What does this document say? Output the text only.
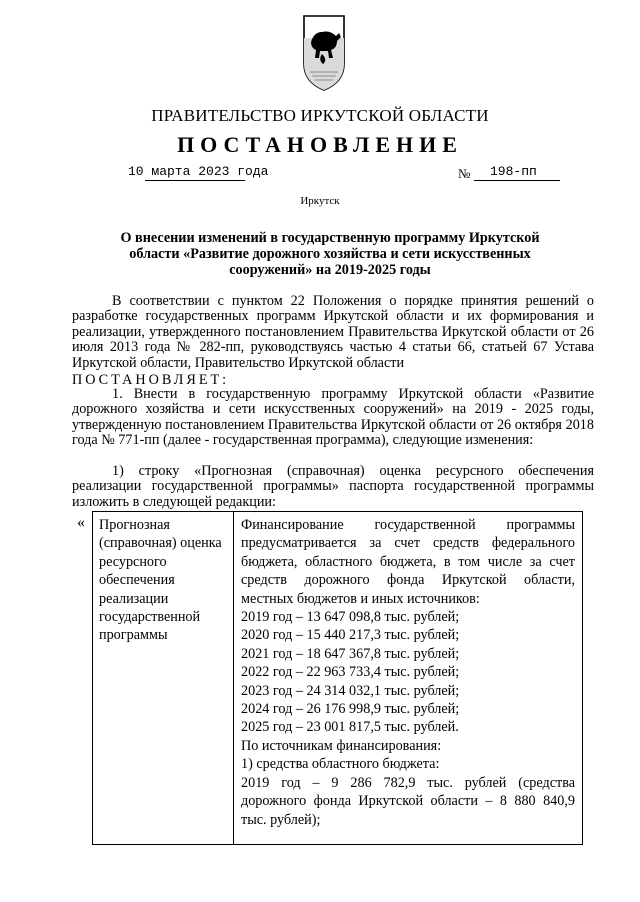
ПРАВИТЕЛЬСТВО ИРКУТСКОЙ ОБЛАСТИ
ПОСТАНОВЛЕНИЕ
10 марта 2023 года	№ 198-пп
Иркутск
О внесении изменений в государственную программу Иркутской области «Развитие дорожного хозяйства и сети искусственных сооружений» на 2019-2025 годы
В соответствии с пунктом 22 Положения о порядке принятия решений о разработке государственных программ Иркутской области и их формирования и реализации, утвержденного постановлением Правительства Иркутской области от 26 июля 2013 года № 282-пп, руководствуясь частью 4 статьи 66, статьей 67 Устава Иркутской области, Правительство Иркутской области
ПОСТАНОВЛЯЕТ:
1. Внести в государственную программу Иркутской области «Развитие дорожного хозяйства и сети искусственных сооружений» на 2019 - 2025 годы, утвержденную постановлением Правительства Иркутской области от 26 октября 2018 года № 771-пп (далее - государственная программа), следующие изменения:
1) строку «Прогнозная (справочная) оценка ресурсного обеспечения реализации государственной программы» паспорта государственной программы изложить в следующей редакции:
« Прогнозная (справочная) оценка ресурсного обеспечения реализации государственной программы
Финансирование государственной программы предусматривается за счет средств федерального бюджета, областного бюджета, в том числе за счет средств дорожного фонда Иркутской области, местных бюджетов и иных источников:
2019 год – 13 647 098,8 тыс. рублей;
2020 год – 15 440 217,3 тыс. рублей;
2021 год – 18 647 367,8 тыс. рублей;
2022 год – 22 963 733,4 тыс. рублей;
2023 год – 24 314 032,1 тыс. рублей;
2024 год – 26 176 998,9 тыс. рублей;
2025 год – 23 001 817,5 тыс. рублей.
По источникам финансирования:
1) средства областного бюджета:
2019 год – 9 286 782,9 тыс. рублей (средства дорожного фонда Иркутской области – 8 880 840,9 тыс. рублей);
